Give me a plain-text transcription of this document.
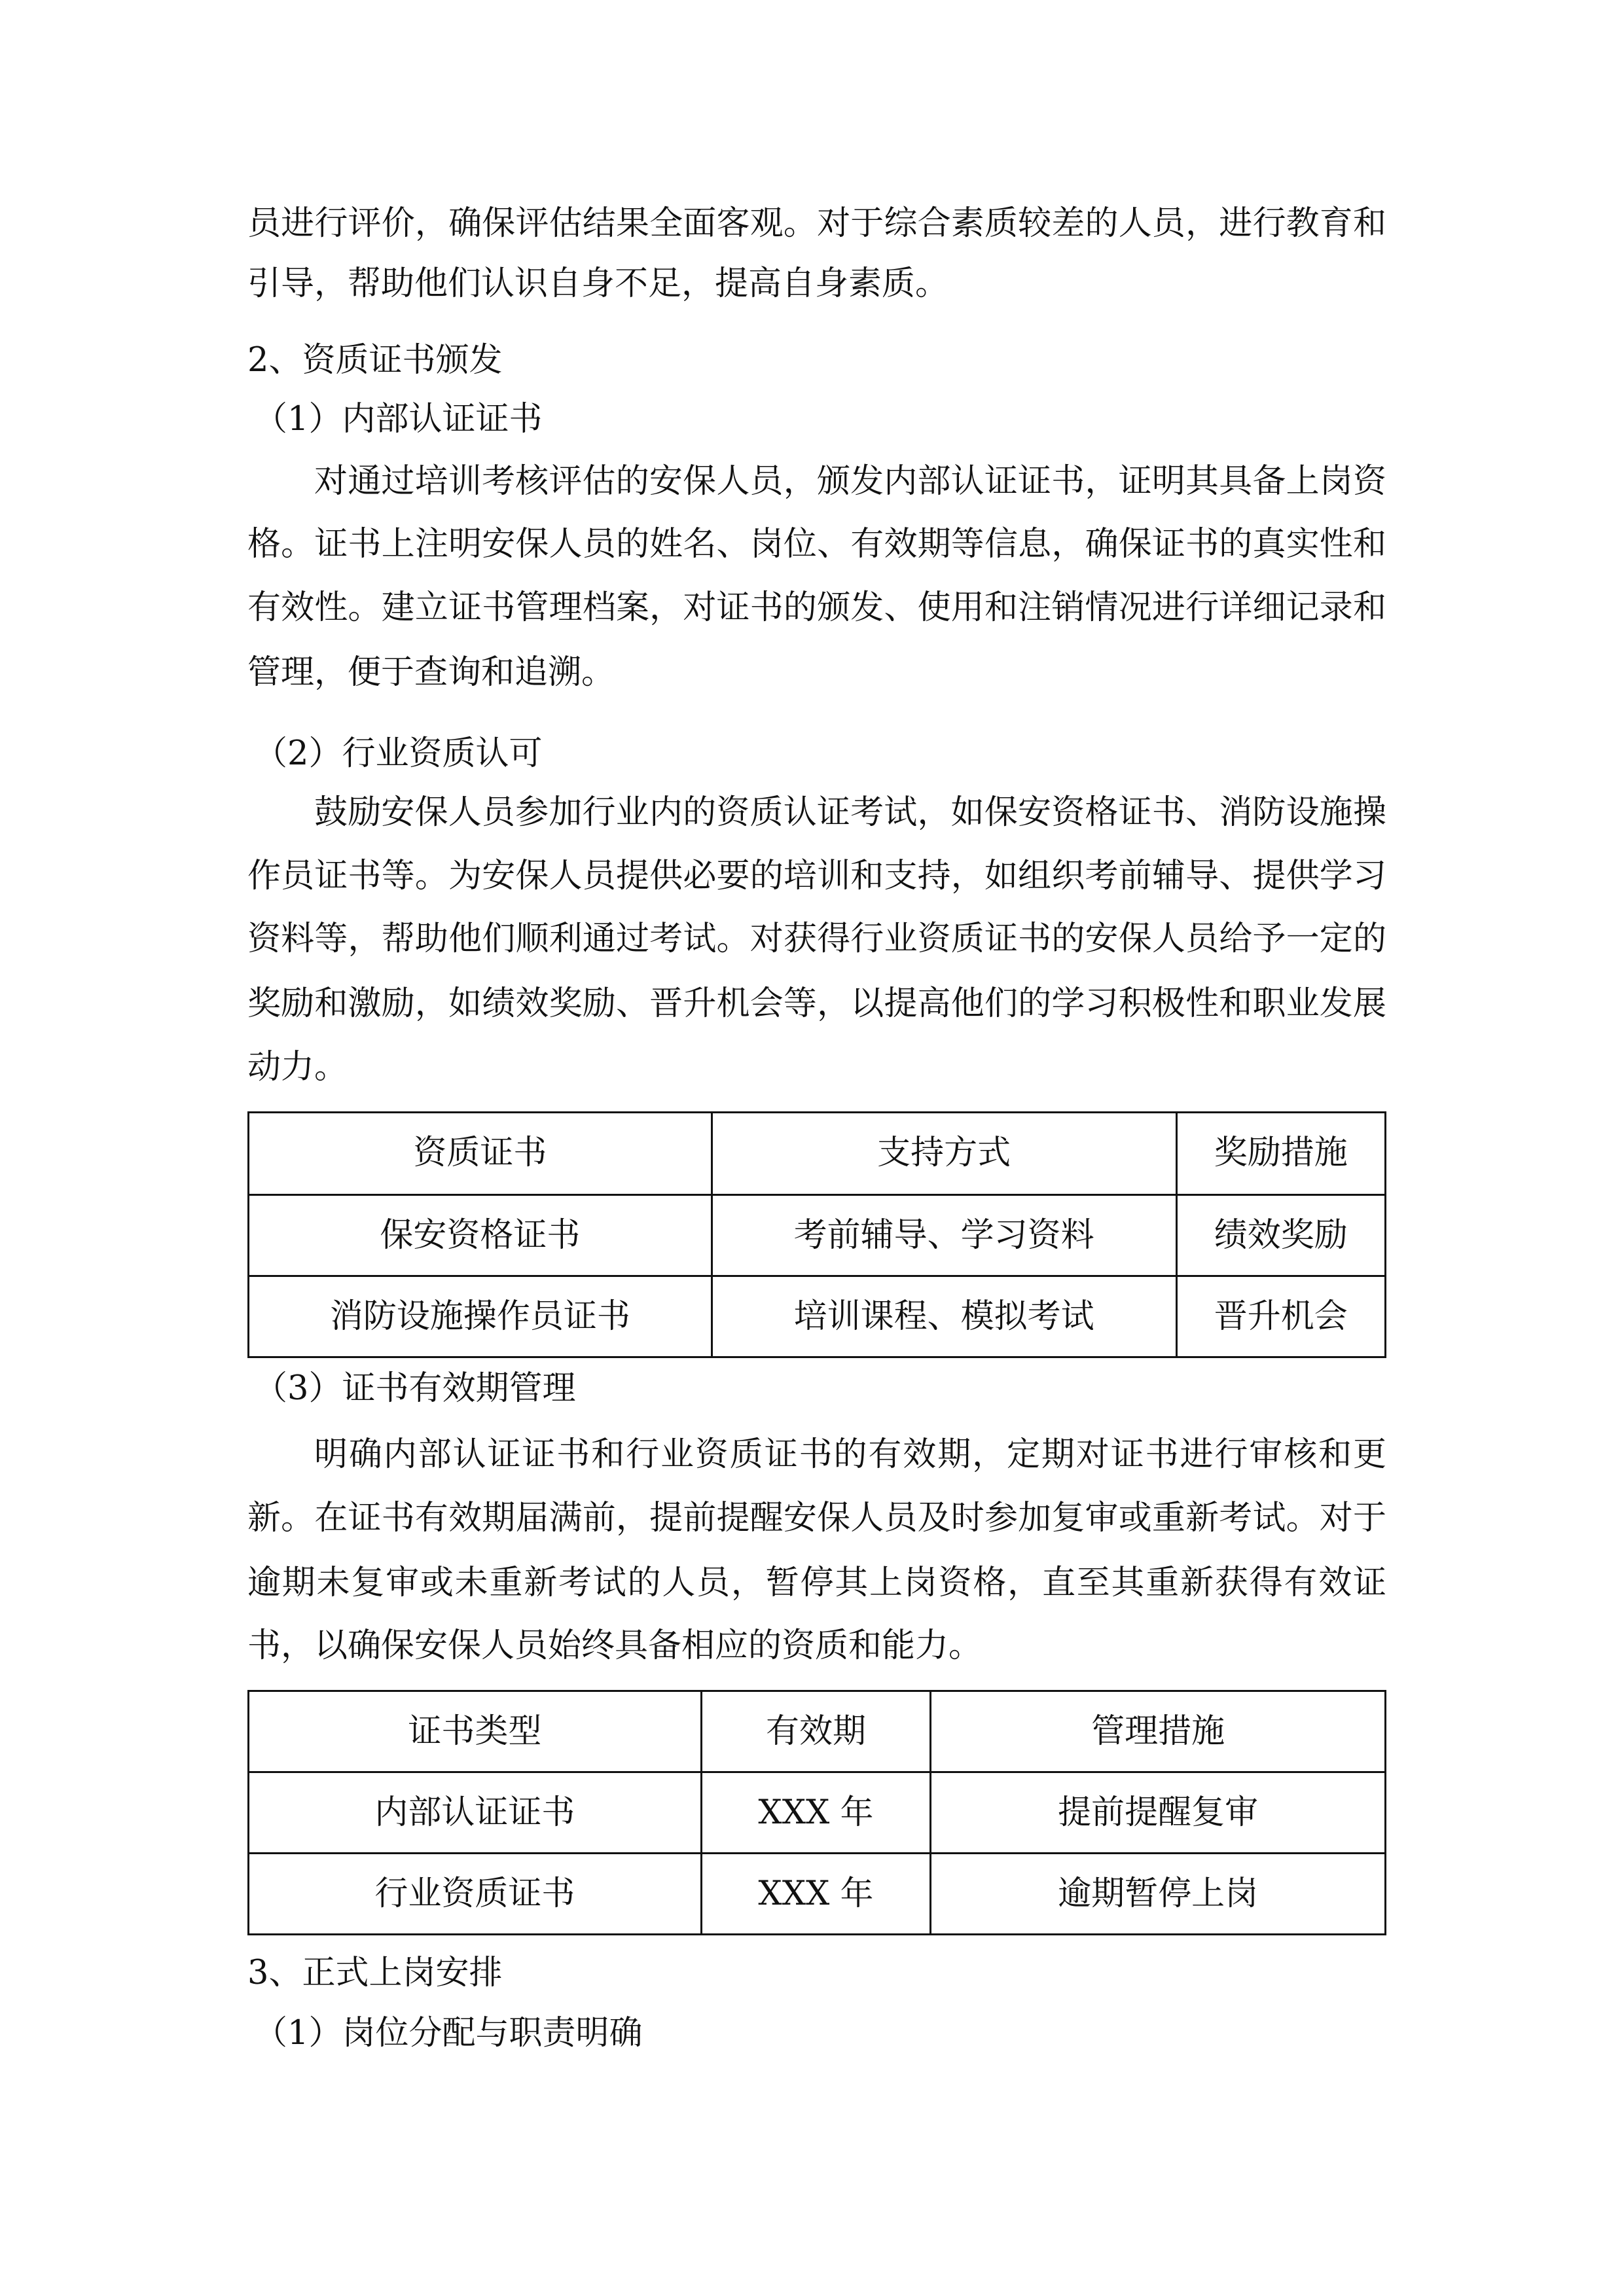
员进行评价，确保评估结果全面客观。对于综合素质较差的人员，进行教育和
引导，帮助他们认识自身不足，提高自身素质。
2、资质证书颁发
（1）内部认证证书
对通过培训考核评估的安保人员，颁发内部认证证书，证明其具备上岗资
格。证书上注明安保人员的姓名、岗位、有效期等信息，确保证书的真实性和
有效性。建立证书管理档案，对证书的颁发、使用和注销情况进行详细记录和
管理，便于查询和追溯。
（2）行业资质认可
鼓励安保人员参加行业内的资质认证考试，如保安资格证书、消防设施操
作员证书等。为安保人员提供必要的培训和支持，如组织考前辅导、提供学习
资料等，帮助他们顺利通过考试。对获得行业资质证书的安保人员给予一定的
奖励和激励，如绩效奖励、晋升机会等，以提高他们的学习积极性和职业发展
动力。
资质证书	支持方式	奖励措施
保安资格证书	考前辅导、学习资料	绩效奖励
消防设施操作员证书	培训课程、模拟考试	晋升机会
（3）证书有效期管理
明确内部认证证书和行业资质证书的有效期，定期对证书进行审核和更
新。在证书有效期届满前，提前提醒安保人员及时参加复审或重新考试。对于
逾期未复审或未重新考试的人员，暂停其上岗资格，直至其重新获得有效证
书，以确保安保人员始终具备相应的资质和能力。
证书类型	有效期	管理措施
内部认证证书	XXX 年	提前提醒复审
行业资质证书	XXX 年	逾期暂停上岗
3、正式上岗安排
（1）岗位分配与职责明确
